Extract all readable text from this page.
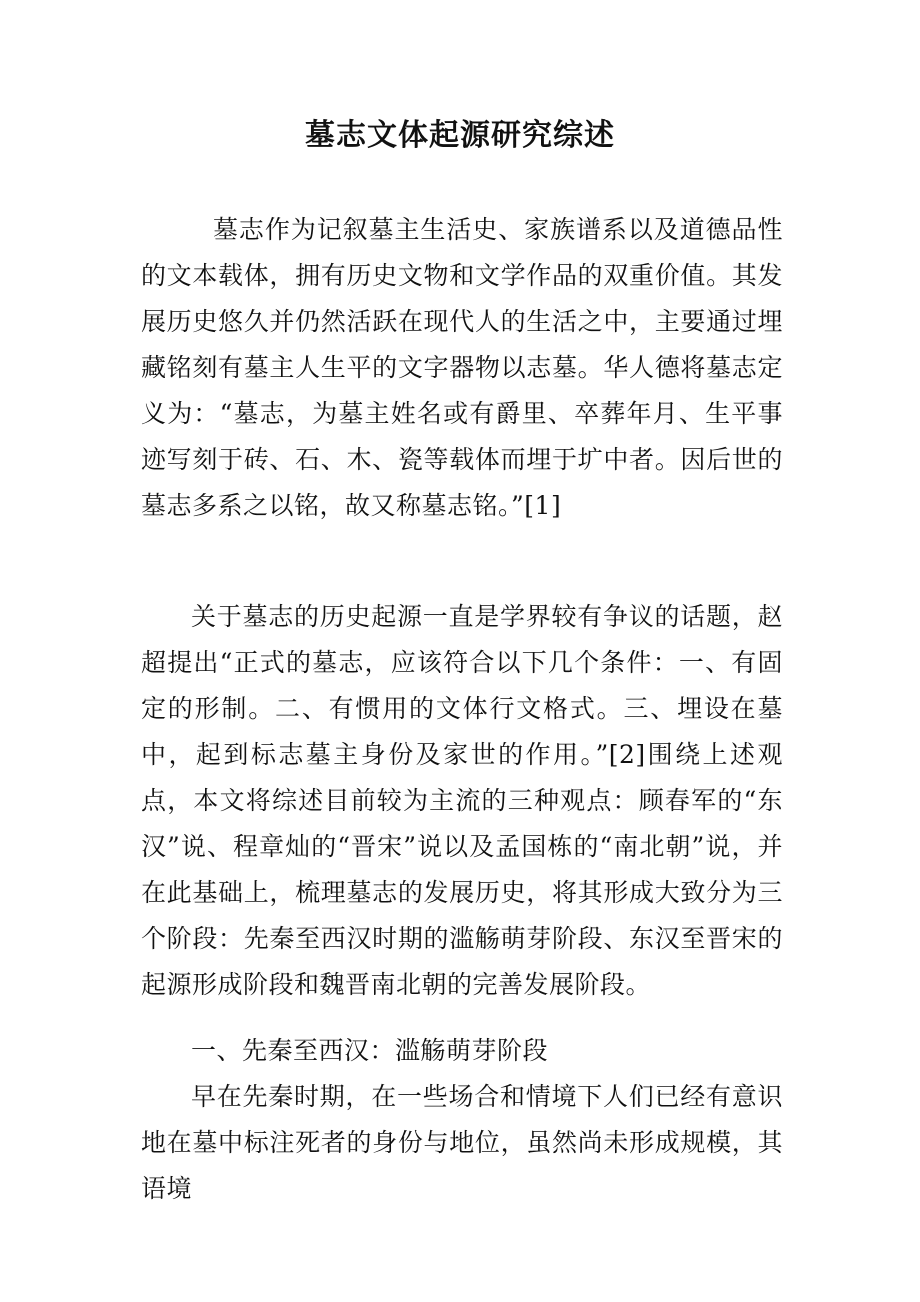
墓志文体起源研究综述
墓志作为记叙墓主生活史、家族谱系以及道德品性的文本载体，拥有历史文物和文学作品的双重价值。其发展历史悠久并仍然活跃在现代人的生活之中，主要通过埋藏铭刻有墓主人生平的文字器物以志墓。华人德将墓志定义为：“墓志，为墓主姓名或有爵里、卒葬年月、生平事迹写刻于砖、石、木、瓷等载体而埋于圹中者。因后世的墓志多系之以铭，故又称墓志铭。”[1]
关于墓志的历史起源一直是学界较有争议的话题，赵超提出“正式的墓志，应该符合以下几个条件：一、有固定的形制。二、有惯用的文体行文格式。三、埋设在墓中，起到标志墓主身份及家世的作用。”[2]围绕上述观点，本文将综述目前较为主流的三种观点：顾春军的“东汉”说、程章灿的“晋宋”说以及孟国栋的“南北朝”说，并在此基础上，梳理墓志的发展历史，将其形成大致分为三个阶段：先秦至西汉时期的滥觞萌芽阶段、东汉至晋宋的起源形成阶段和魏晋南北朝的完善发展阶段。
一、先秦至西汉：滥觞萌芽阶段
早在先秦时期，在一些场合和情境下人们已经有意识地在墓中标注死者的身份与地位，虽然尚未形成规模，其语境
